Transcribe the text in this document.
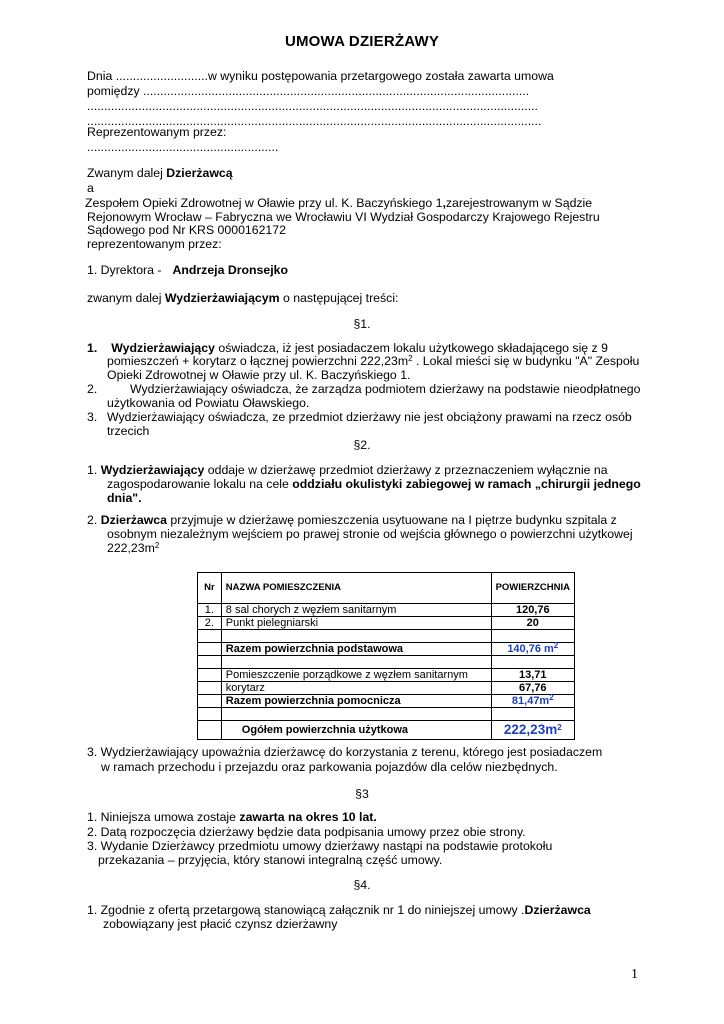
UMOWA DZIERŻAWY
Dnia ...........................w wyniku postępowania przetargowego została zawarta umowa
pomiędzy .................................................................................................................
....................................................................................................................................
.....................................................................................................................................
Reprezentowanym przez:
........................................................
Zwanym dalej Dzierżawcą
a
Zespołem Opieki Zdrowotnej w Oławie przy ul. K. Baczyńskiego 1,zarejestrowanym w Sądzie
Rejonowym Wrocław – Fabryczna we Wrocławiu VI Wydział Gospodarczy Krajowego Rejestru
Sądowego pod Nr KRS 0000162172
reprezentowanym przez:
1. Dyrektora - Andrzeja Dronsejko
zwanym dalej Wydzierżawiającym o następującej treści:
§1.
1. Wydzierżawiający oświadcza, iż jest posiadaczem lokalu użytkowego składającego się z 9
pomieszczeń + korytarz o łącznej powierzchni $222,23m^2$ . Lokal mieści się w budynku "A" Zespołu
Opieki Zdrowotnej w Oławie przy ul. K. Baczyńskiego 1.
2.	Wydzierżawiający oświadcza, że zarządza podmiotem dzierżawy na podstawie nieodpłatnego
użytkowania od Powiatu Oławskiego.
3. Wydzierżawiający oświadcza, ze przedmiot dzierżawy nie jest obciążony prawami na rzecz osób
trzecich
§2.
1. Wydzierżawiający oddaje w dzierżawę przedmiot dzierżawy z przeznaczeniem wyłącznie na
zagospodarowanie lokalu na cele oddziału okulistyki zabiegowej w ramach „chirurgii jednego
dnia".
2. Dzierżawca przyjmuje w dzierżawę pomieszczenia usytuowane na I piętrze budynku szpitala z
osobnym niezależnym wejściem po prawej stronie od wejścia głównego o powierzchni użytkowej
$222,23m^2$
Nr	NAZWA POMIESZCZENIA	POWIERZCHNIA
1.	8 sal chorych z węzłem sanitarnym	120,76
2.	Punkt pielegniarski	20

	Razem powierzchnia podstawowa	140,76 $m^2$

	Pomieszczenie porządkowe z węzłem sanitarnym	13,71
	korytarz	67,76
	Razem powierzchnia pomocnicza	$81,47m^2$

	Ogółem powierzchnia użytkowa	$222,23m^2$
3. Wydzierżawiający upoważnia dzierżawcę do korzystania z terenu, którego jest posiadaczem
w ramach przechodu i przejazdu oraz parkowania pojazdów dla celów niezbędnych.
§3
1. Niniejsza umowa zostaje zawarta na okres 10 lat.
2. Datą rozpoczęcia dzierżawy będzie data podpisania umowy przez obie strony.
3. Wydanie Dzierżawcy przedmiotu umowy dzierżawy nastąpi na podstawie protokołu
przekazania – przyjęcia, który stanowi integralną część umowy.
§4.
1. Zgodnie z ofertą przetargową stanowiącą załącznik nr 1 do niniejszej umowy .Dzierżawca
zobowiązany jest płacić czynsz dzierżawny
1
